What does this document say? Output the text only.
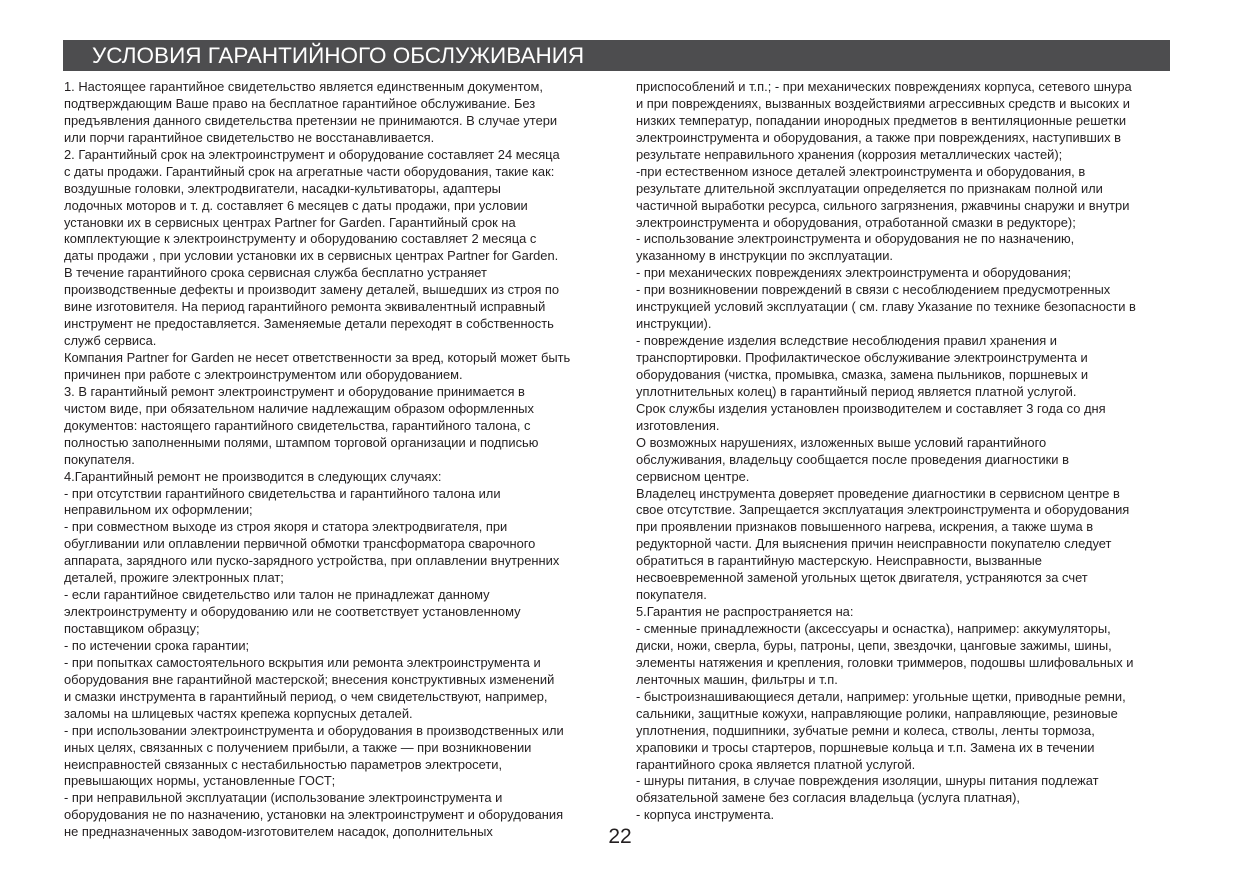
УСЛОВИЯ ГАРАНТИЙНОГО ОБСЛУЖИВАНИЯ
1. Настоящее гарантийное свидетельство является единственным документом,
подтверждающим Ваше право на бесплатное гарантийное обслуживание. Без
предъявления данного свидетельства претензии не принимаются. В случае утери
или порчи гарантийное свидетельство не восстанавливается.
2. Гарантийный срок на электроинструмент и оборудование составляет 24 месяца
с даты продажи. Гарантийный срок на агрегатные части оборудования, такие как:
воздушные головки, электродвигатели, насадки-культиваторы, адаптеры
лодочных моторов и т. д. составляет 6 месяцев с даты продажи, при условии
установки их в сервисных центрах Partner for Garden. Гарантийный срок на
комплектующие к электроинструменту и оборудованию составляет 2 месяца с
даты продажи , при условии установки их в сервисных центрах Partner for Garden.
В течение гарантийного срока сервисная служба бесплатно устраняет
производственные дефекты и производит замену деталей, вышедших из строя по
вине изготовителя. На период гарантийного ремонта эквивалентный исправный
инструмент не предоставляется. Заменяемые детали переходят в собственность
служб сервиса.
Компания Partner for Garden не несет ответственности за вред, который может быть
причинен при работе с электроинструментом или оборудованием.
3. В гарантийный ремонт электроинструмент и оборудование принимается в
чистом виде, при обязательном наличие надлежащим образом оформленных
документов: настоящего гарантийного свидетельства, гарантийного талона, с
полностью заполненными полями, штампом торговой организации и подписью
покупателя.
4.Гарантийный ремонт не производится в следующих случаях:
- при отсутствии гарантийного свидетельства и гарантийного талона или
неправильном их оформлении;
- при совместном выходе из строя якоря и статора электродвигателя, при
обугливании или оплавлении первичной обмотки трансформатора сварочного
аппарата, зарядного или пуско-зарядного устройства, при оплавлении внутренних
деталей, прожиге электронных плат;
- если гарантийное свидетельство или талон не принадлежат данному
электроинструменту и оборудованию или не соответствует установленному
поставщиком образцу;
- по истечении срока гарантии;
- при попытках самостоятельного вскрытия или ремонта электроинструмента и
оборудования вне гарантийной мастерской; внесения конструктивных изменений
и смазки инструмента в гарантийный период, о чем свидетельствуют, например,
заломы на шлицевых частях крепежа корпусных деталей.
- при использовании электроинструмента и оборудования в производственных или
иных целях, связанных с получением прибыли, а также — при возникновении
неисправностей связанных с нестабильностью параметров электросети,
превышающих нормы, установленные ГОСТ;
- при неправильной эксплуатации (использование электроинструмента и
оборудования не по назначению, установки на электроинструмент и оборудования
не предназначенных заводом-изготовителем насадок, дополнительных
приспособлений и т.п.; - при механических повреждениях корпуса, сетевого шнура
и при повреждениях, вызванных воздействиями агрессивных средств и высоких и
низких температур, попадании инородных предметов в вентиляционные решетки
электроинструмента и оборудования, а также при повреждениях, наступивших в
результате неправильного хранения (коррозия металлических частей);
-при естественном износе деталей электроинструмента и оборудования, в
результате длительной эксплуатации определяется по признакам полной или
частичной выработки ресурса, сильного загрязнения, ржавчины снаружи и внутри
электроинструмента и оборудования, отработанной смазки в редукторе);
- использование электроинструмента и оборудования не по назначению,
указанному в инструкции по эксплуатации.
- при механических повреждениях электроинструмента и оборудования;
- при возникновении повреждений в связи с несоблюдением предусмотренных
инструкцией условий эксплуатации ( см. главу Указание по технике безопасности в
инструкции).
- повреждение изделия вследствие несоблюдения правил хранения и
транспортировки. Профилактическое обслуживание электроинструмента и
оборудования (чистка, промывка, смазка, замена пыльников, поршневых и
уплотнительных колец) в гарантийный период является платной услугой.
Срок службы изделия установлен производителем и составляет 3 года со дня
изготовления.
О возможных нарушениях, изложенных выше условий гарантийного
обслуживания, владельцу сообщается после проведения диагностики в
сервисном центре.
Владелец инструмента доверяет проведение диагностики в сервисном центре в
свое отсутствие. Запрещается эксплуатация электроинструмента и оборудования
при проявлении признаков повышенного нагрева, искрения, а также шума в
редукторной части. Для выяснения причин неисправности покупателю следует
обратиться в гарантийную мастерскую. Неисправности, вызванные
несвоевременной заменой угольных щеток двигателя, устраняются за счет
покупателя.
5.Гарантия не распространяется на:
- сменные принадлежности (аксессуары и оснастка), например: аккумуляторы,
диски, ножи, сверла, буры, патроны, цепи, звездочки, цанговые зажимы, шины,
элементы натяжения и крепления, головки триммеров, подошвы шлифовальных и
ленточных машин, фильтры и т.п.
- быстроизнашивающиеся детали, например: угольные щетки, приводные ремни,
сальники, защитные кожухи, направляющие ролики, направляющие, резиновые
уплотнения, подшипники, зубчатые ремни и колеса, стволы, ленты тормоза,
храповики и тросы стартеров, поршневые кольца и т.п. Замена их в течении
гарантийного срока является платной услугой.
- шнуры питания, в случае повреждения изоляции, шнуры питания подлежат
обязательной замене без согласия владельца (услуга платная),
- корпуса инструмента.
22
